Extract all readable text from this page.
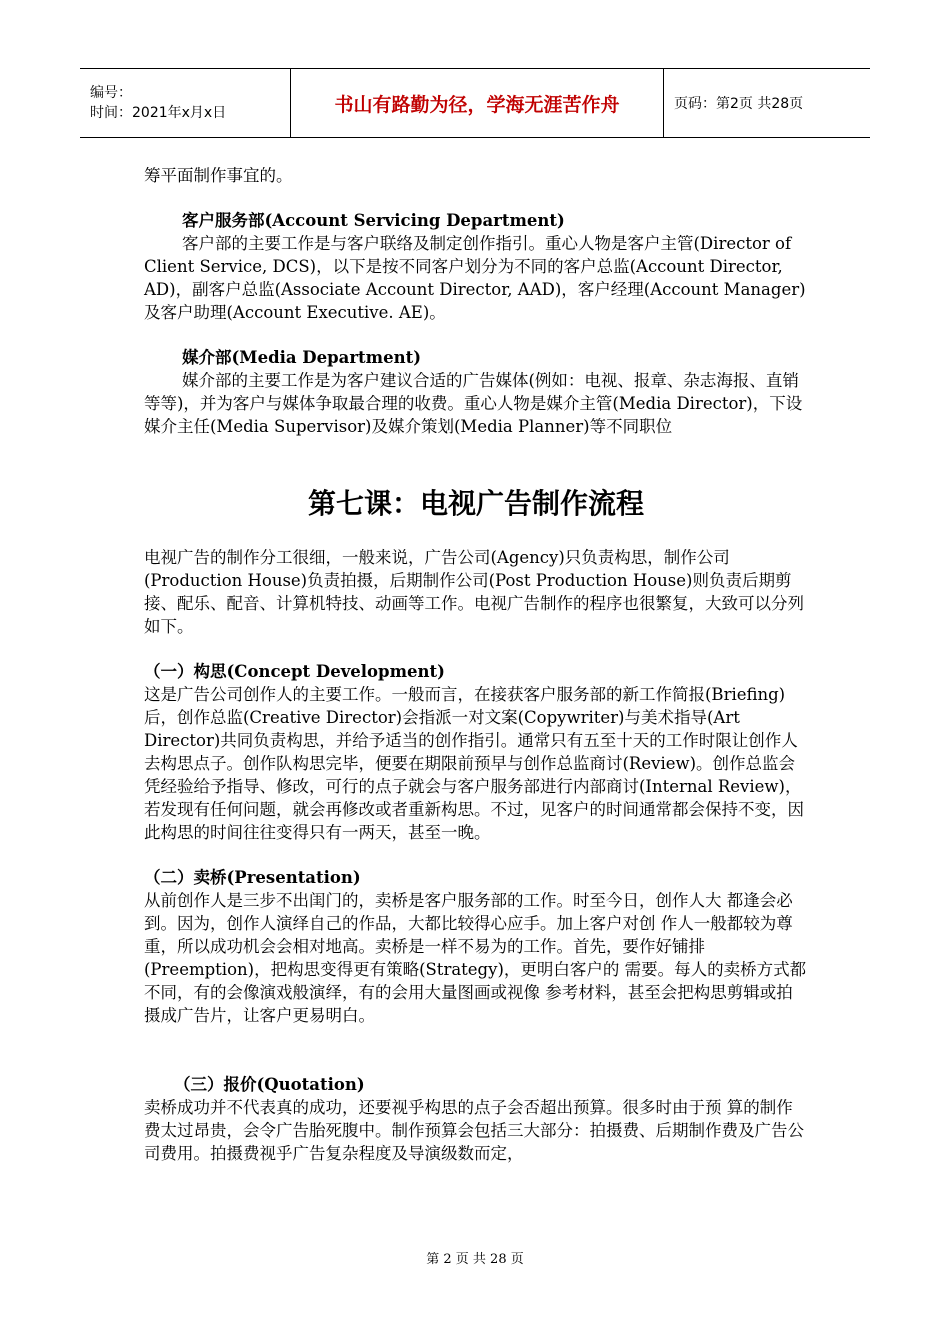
编号：
时间：2021年x月x日	书山有路勤为径，学海无涯苦作舟	页码：第2页 共28页

筹平面制作事宜的。

客户服务部(Account Servicing Department)

客户部的主要工作是与客户联络及制定创作指引。重心人物是客户主管(Director of Client Service, DCS)，以下是按不同客户划分为不同的客户总监(Account Director, AD)，副客户总监(Associate Account Director, AAD)，客户经理(Account Manager)及客户助理(Account Executive. AE)。

媒介部(Media Department)

媒介部的主要工作是为客户建议合适的广告媒体(例如：电视、报章、杂志海报、直销等等)，并为客户与媒体争取最合理的收费。重心人物是媒介主管(Media Director)，下设媒介主任(Media Supervisor)及媒介策划(Media Planner)等不同职位

第七课：电视广告制作流程

电视广告的制作分工很细，一般来说，广告公司(Agency)只负责构思，制作公司 (Production House)负责拍摄，后期制作公司(Post Production House)则负责后期剪接、配乐、配音、计算机特技、动画等工作。电视广告制作的程序也很繁复，大致可以分列如下。

（一）构思(Concept Development)

这是广告公司创作人的主要工作。一般而言，在接获客户服务部的新工作简报(Briefing)后，创作总监(Creative Director)会指派一对文案(Copywriter)与美术指导(Art Director)共同负责构思，并给予适当的创作指引。通常只有五至十天的工作时限让创作人去构思点子。创作队构思完毕，便要在期限前预早与创作总监商讨(Review)。创作总监会凭经验给予指导、修改，可行的点子就会与客户服务部进行内部商讨(Internal Review)，若发现有任何问题，就会再修改或者重新构思。不过，见客户的时间通常都会保持不变，因此构思的时间往往变得只有一两天，甚至一晚。

（二）卖桥(Presentation)

从前创作人是三步不出闺门的，卖桥是客户服务部的工作。时至今日，创作人大 都逢会必到。因为，创作人演绎自己的作品，大都比较得心应手。加上客户对创 作人一般都较为尊重，所以成功机会会相对地高。卖桥是一样不易为的工作。首先，要作好铺排(Preemption)，把构思变得更有策略(Strategy)，更明白客户的 需要。每人的卖桥方式都不同，有的会像演戏般演绎，有的会用大量图画或视像 参考材料，甚至会把构思剪辑或拍摄成广告片，让客户更易明白。

（三）报价(Quotation)

卖桥成功并不代表真的成功，还要视乎构思的点子会否超出预算。很多时由于预 算的制作费太过昂贵，会令广告胎死腹中。制作预算会包括三大部分：拍摄费、后期制作费及广告公司费用。拍摄费视乎广告复杂程度及导演级数而定，

第 2 页 共 28 页
